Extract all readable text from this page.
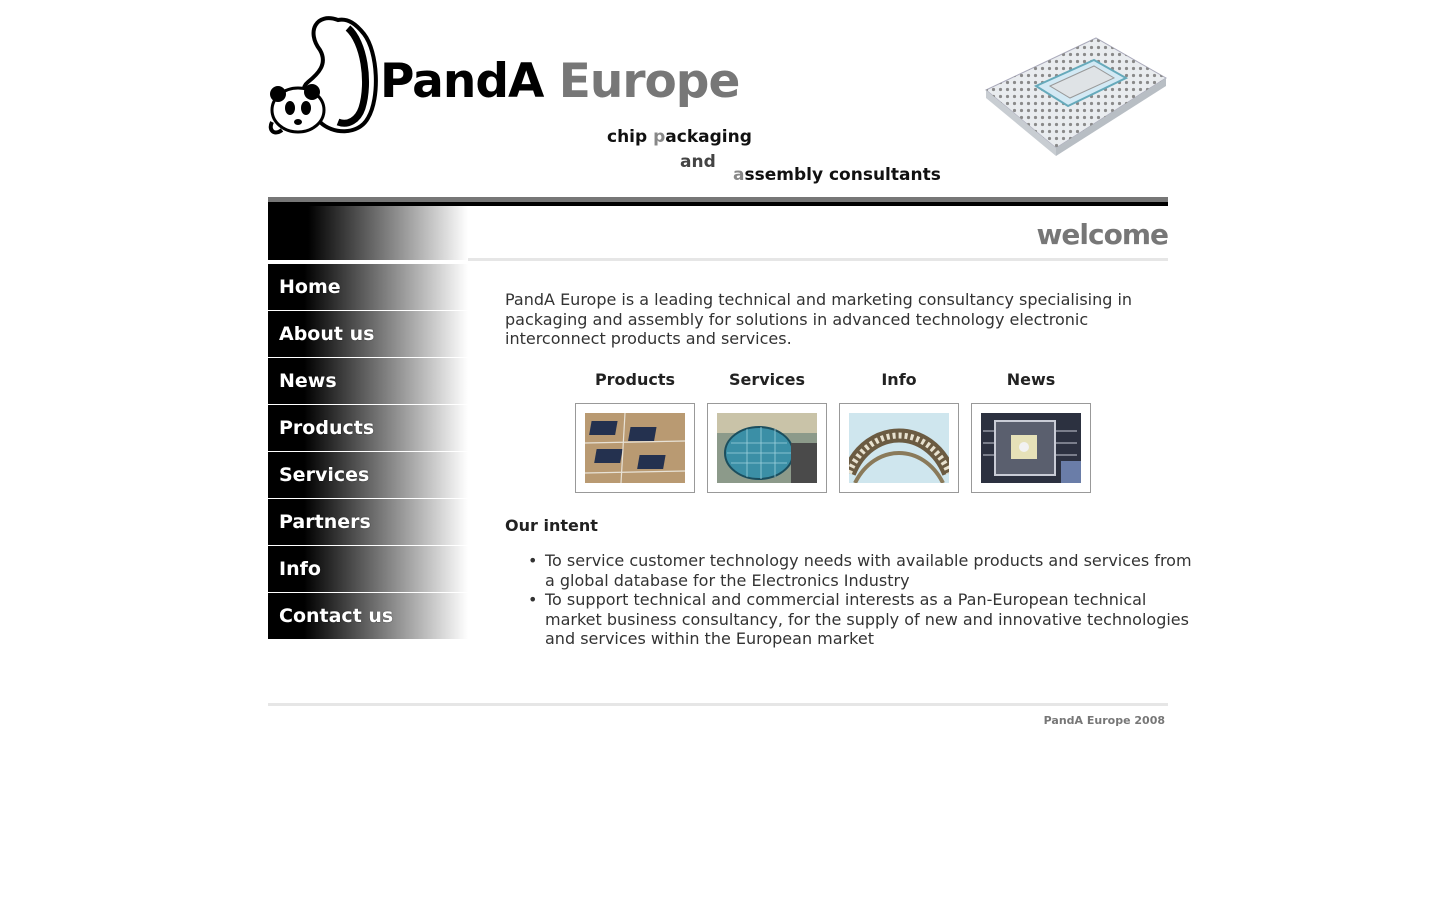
PandA Europe
chip packaging
and
assembly consultants
welcome
Home
About us
News
Products
Services
Partners
Info
Contact us

PandA Europe is a leading technical and marketing consultancy specialising in packaging and assembly for solutions in advanced technology electronic interconnect products and services.

Products	Services	Info	News
Our intent
• To service customer technology needs with available products and services from a global database for the Electronics Industry
• To support technical and commercial interests as a Pan-European technical market business consultancy, for the supply of new and innovative technologies and services within the European market
PandA Europe 2008
